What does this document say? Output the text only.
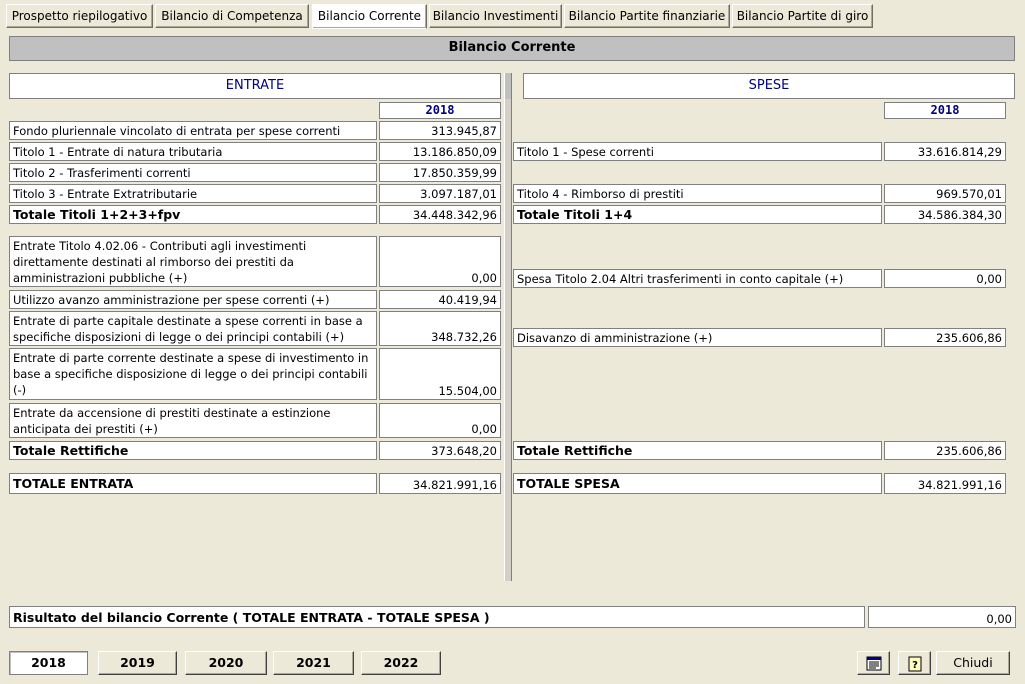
Prospetto riepilogativo	Bilancio di Competenza	Bilancio Corrente Bilancio Investimenti Bilancio Partite finanziarie Bilancio Partite di giro
Bilancio Corrente
ENTRATE	SPESE
2018	2018
Fondo pluriennale vincolato di entrata per spese correnti	313.945,87
Titolo 1 - Entrate di natura tributaria	13.186.850,09
Titolo 2 - Trasferimenti correnti	17.850.359,99
Titolo 3 - Entrate Extratributarie	3.097.187,01
Totale Titoli 1+2+3+fpv	34.448.342,96
Entrate Titolo 4.02.06 - Contributi agli investimenti direttamente destinati al rimborso dei prestiti da amministrazioni pubbliche (+)	0,00
Utilizzo avanzo amministrazione per spese correnti (+)	40.419,94
Entrate di parte capitale destinate a spese correnti in base a specifiche disposizioni di legge o dei principi contabili (+)	348.732,26
Entrate di parte corrente destinate a spese di investimento in base a specifiche disposizione di legge o dei principi contabili (-)	15.504,00
Entrate da accensione di prestiti destinate a estinzione anticipata dei prestiti (+)	0,00
Totale Rettifiche	373.648,20
TOTALE ENTRATA	34.821.991,16
Titolo 1 - Spese correnti	33.616.814,29
Titolo 4 - Rimborso di prestiti	969.570,01
Totale Titoli 1+4	34.586.384,30
Spesa Titolo 2.04 Altri trasferimenti in conto capitale (+)	0,00
Disavanzo di amministrazione (+)	235.606,86
Totale Rettifiche	235.606,86
TOTALE SPESA	34.821.991,16
Risultato del bilancio Corrente ( TOTALE ENTRATA - TOTALE SPESA )	0,00
2018	2019	2020	2021	2022	?	Chiudi
